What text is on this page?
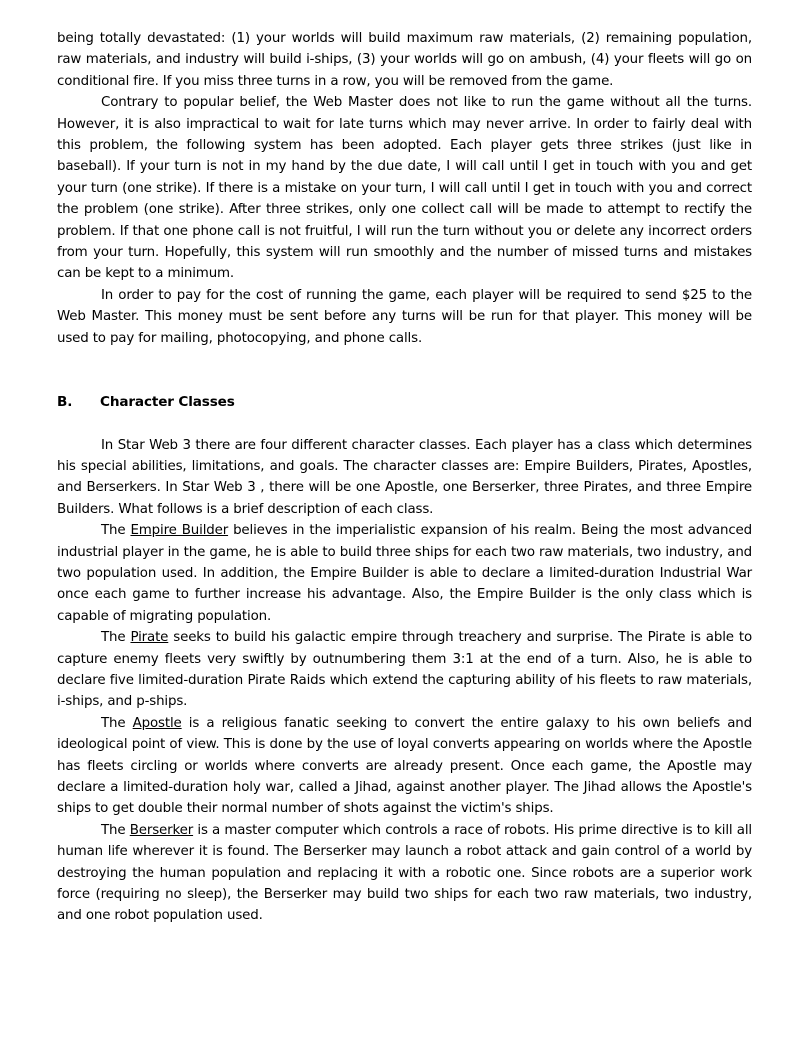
being totally devastated: (1) your worlds will build maximum raw materials, (2) remaining population, raw materials, and industry will build i-ships, (3) your worlds will go on ambush, (4) your fleets will go on conditional fire. If you miss three turns in a row, you will be removed from the game.

Contrary to popular belief, the Web Master does not like to run the game without all the turns. However, it is also impractical to wait for late turns which may never arrive. In order to fairly deal with this problem, the following system has been adopted. Each player gets three strikes (just like in baseball). If your turn is not in my hand by the due date, I will call until I get in touch with you and get your turn (one strike). If there is a mistake on your turn, I will call until I get in touch with you and correct the problem (one strike). After three strikes, only one collect call will be made to attempt to rectify the problem. If that one phone call is not fruitful, I will run the turn without you or delete any incorrect orders from your turn. Hopefully, this system will run smoothly and the number of missed turns and mistakes can be kept to a minimum.

In order to pay for the cost of running the game, each player will be required to send $25 to the Web Master. This money must be sent before any turns will be run for that player. This money will be used to pay for mailing, photocopying, and phone calls.

B. Character Classes

In Star Web 3 there are four different character classes. Each player has a class which determines his special abilities, limitations, and goals. The character classes are: Empire Builders, Pirates, Apostles, and Berserkers. In Star Web 3 , there will be one Apostle, one Berserker, three Pirates, and three Empire Builders. What follows is a brief description of each class.

The Empire Builder believes in the imperialistic expansion of his realm. Being the most advanced industrial player in the game, he is able to build three ships for each two raw materials, two industry, and two population used. In addition, the Empire Builder is able to declare a limited-duration Industrial War once each game to further increase his advantage. Also, the Empire Builder is the only class which is capable of migrating population.

The Pirate seeks to build his galactic empire through treachery and surprise. The Pirate is able to capture enemy fleets very swiftly by outnumbering them 3:1 at the end of a turn. Also, he is able to declare five limited-duration Pirate Raids which extend the capturing ability of his fleets to raw materials, i-ships, and p-ships.

The Apostle is a religious fanatic seeking to convert the entire galaxy to his own beliefs and ideological point of view. This is done by the use of loyal converts appearing on worlds where the Apostle has fleets circling or worlds where converts are already present. Once each game, the Apostle may declare a limited-duration holy war, called a Jihad, against another player. The Jihad allows the Apostle's ships to get double their normal number of shots against the victim's ships.

The Berserker is a master computer which controls a race of robots. His prime directive is to kill all human life wherever it is found. The Berserker may launch a robot attack and gain control of a world by destroying the human population and replacing it with a robotic one. Since robots are a superior work force (requiring no sleep), the Berserker may build two ships for each two raw materials, two industry, and one robot population used.
